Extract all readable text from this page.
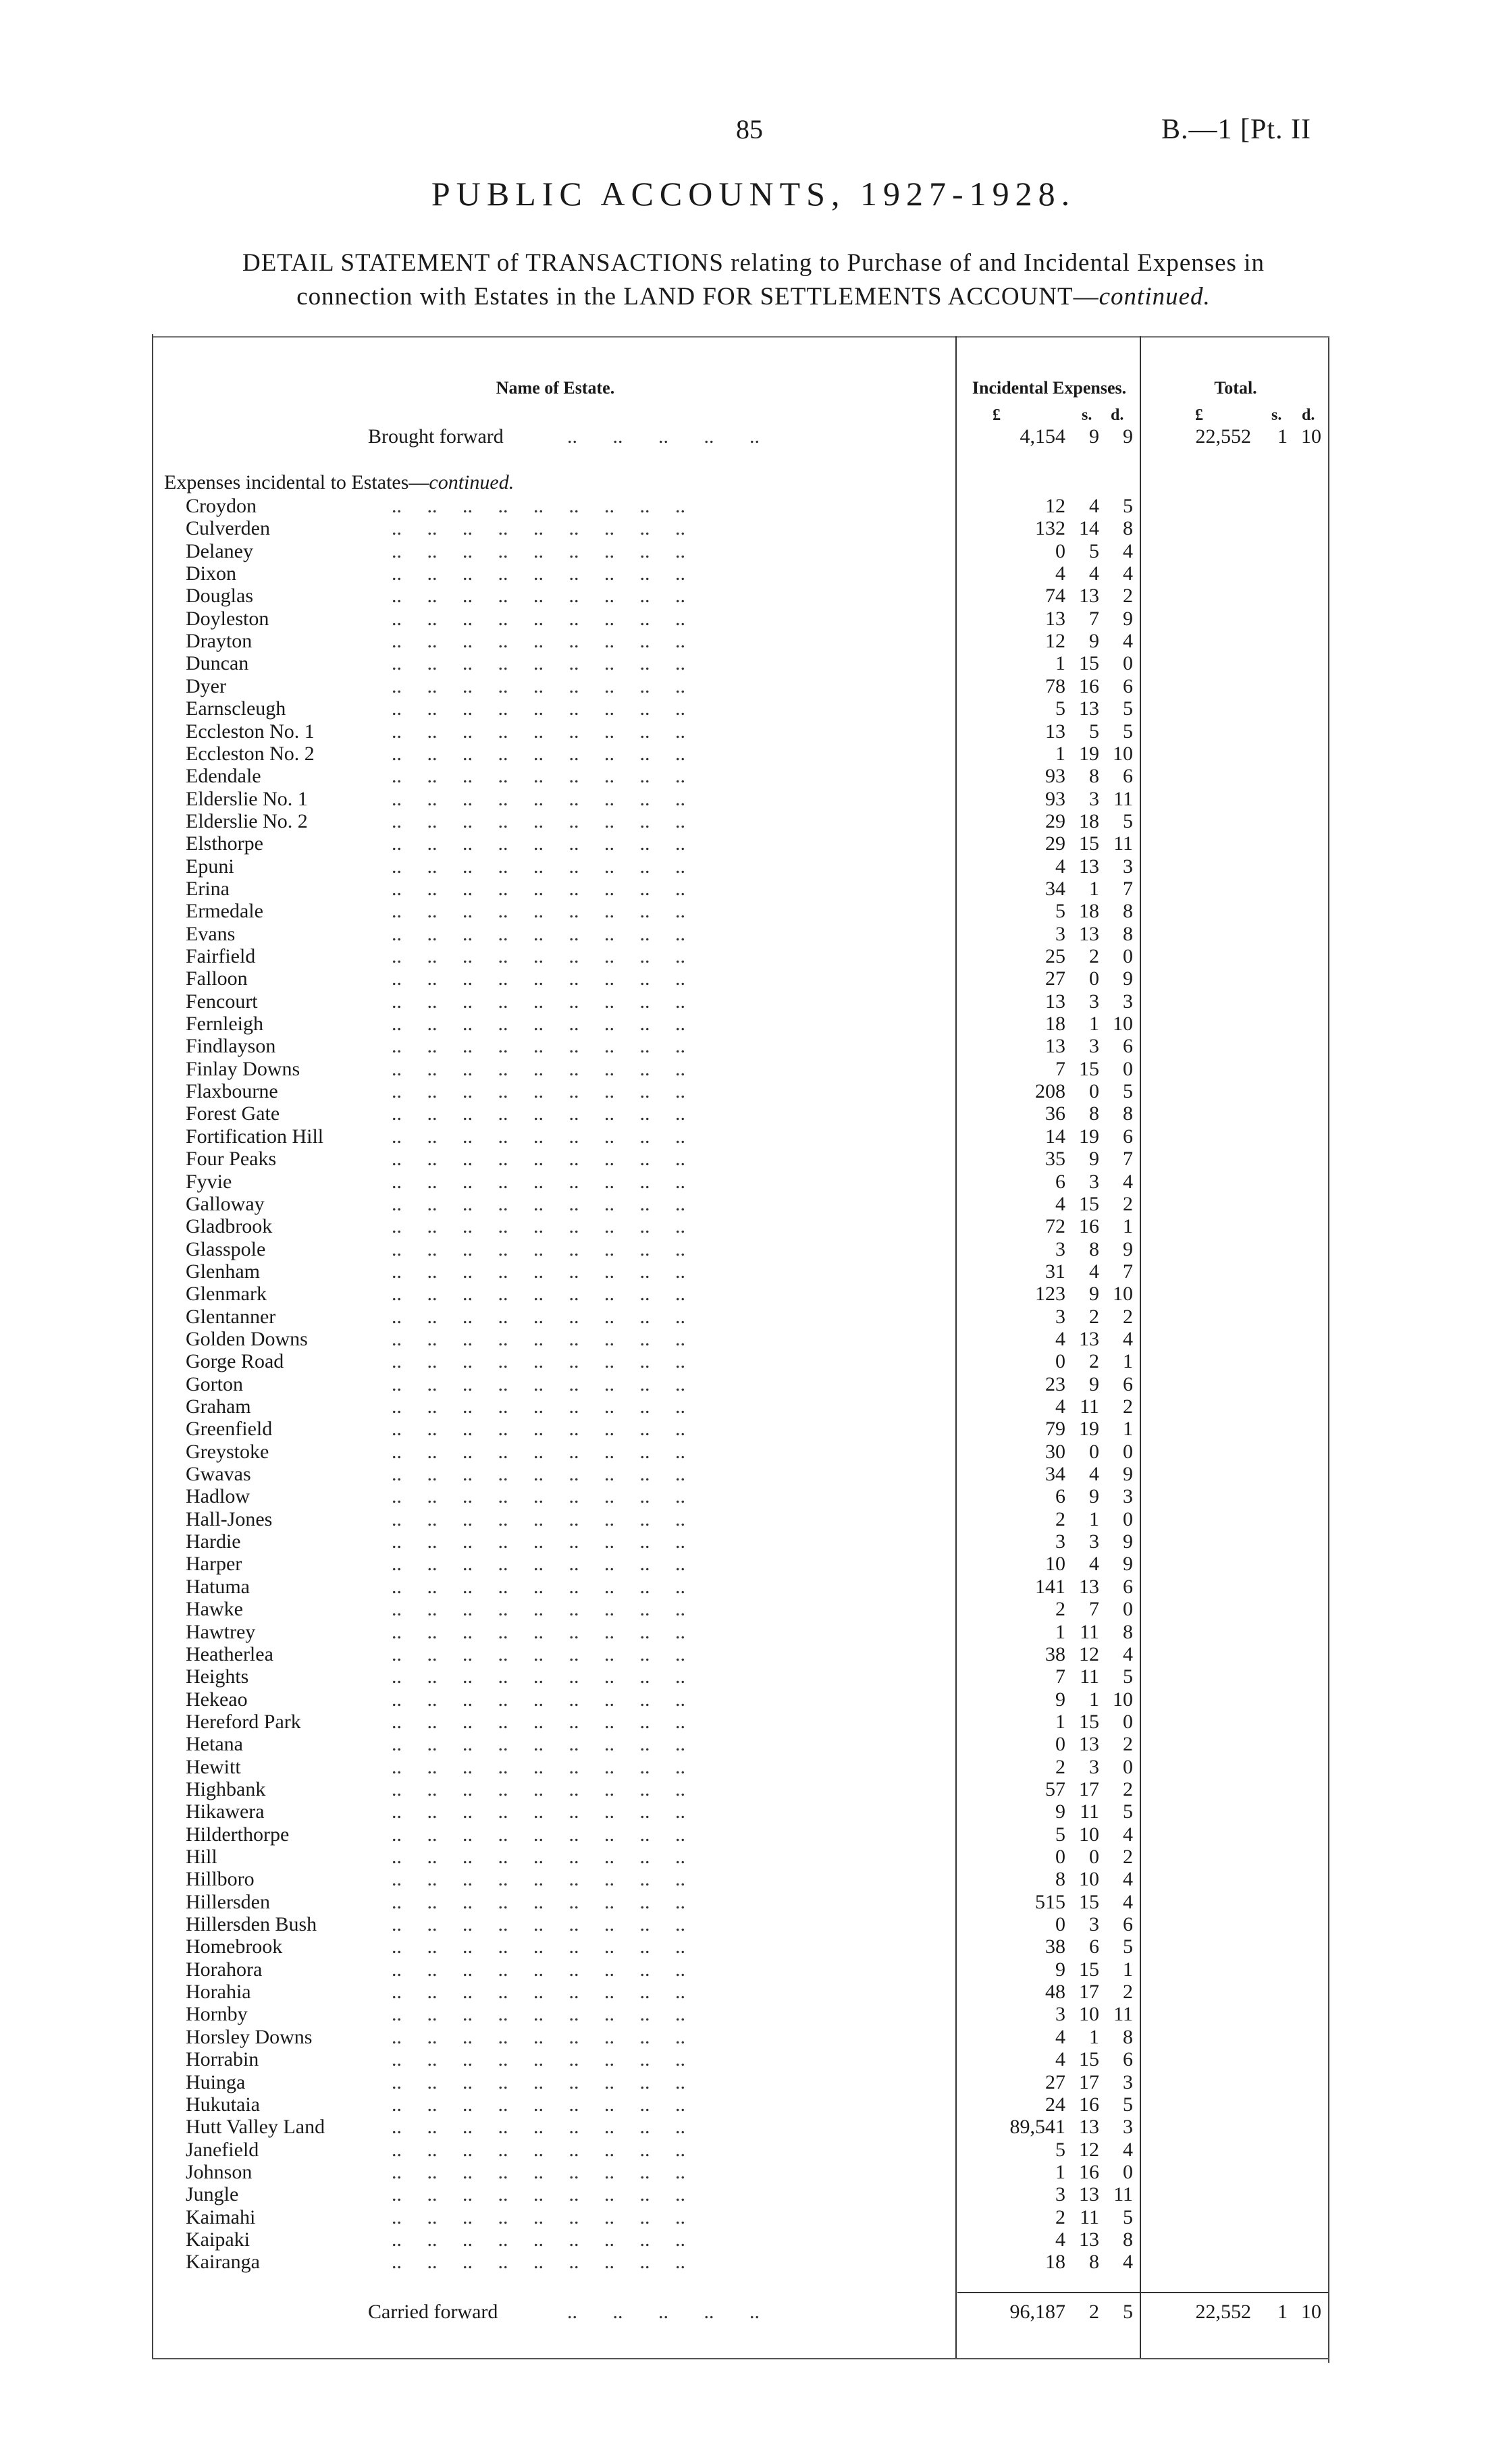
85	B.—1 [Pt. II
PUBLIC ACCOUNTS, 1927-1928.
DETAIL STATEMENT of TRANSACTIONS relating to Purchase of and Incidental Expenses in
connection with Estates in the LAND FOR SETTLEMENTS ACCOUNT—continued.
Name of Estate.	Incidental Expenses.	Total.
£	s. d.	£	s. d.
Brought forward	..       ..       ..       ..       ..	4,154	9	9	22,552	1 10
Expenses incidental to Estates—continued.
Croydon	..     ..     ..     ..     ..     ..     ..     ..     ..	12	4	5
Culverden	..     ..     ..     ..     ..     ..     ..     ..     ..	132 14	8
Delaney	..     ..     ..     ..     ..     ..     ..     ..     ..	0	5	4
Dixon	..     ..     ..     ..     ..     ..     ..     ..     ..	4	4	4
Douglas	..     ..     ..     ..     ..     ..     ..     ..     ..	74 13	2
Doyleston	..     ..     ..     ..     ..     ..     ..     ..     ..	13	7	9
Drayton	..     ..     ..     ..     ..     ..     ..     ..     ..	12	9	4
Duncan	..     ..     ..     ..     ..     ..     ..     ..     ..	1 15	0
Dyer	..     ..     ..     ..     ..     ..     ..     ..     ..	78 16	6
Earnscleugh	..     ..     ..     ..     ..     ..     ..     ..     ..	5 13	5
Eccleston No. 1	..     ..     ..     ..     ..     ..     ..     ..     ..	13	5	5
Eccleston No. 2	..     ..     ..     ..     ..     ..     ..     ..     ..	1 19 10
Edendale	..     ..     ..     ..     ..     ..     ..     ..     ..	93	8	6
Elderslie No. 1	..     ..     ..     ..     ..     ..     ..     ..     ..	93	3 11
Elderslie No. 2	..     ..     ..     ..     ..     ..     ..     ..     ..	29 18	5
Elsthorpe	..     ..     ..     ..     ..     ..     ..     ..     ..	29 15 11
Epuni	..     ..     ..     ..     ..     ..     ..     ..     ..	4 13	3
Erina	..     ..     ..     ..     ..     ..     ..     ..     ..	34	1	7
Ermedale	..     ..     ..     ..     ..     ..     ..     ..     ..	5 18	8
Evans	..     ..     ..     ..     ..     ..     ..     ..     ..	3 13	8
Fairfield	..     ..     ..     ..     ..     ..     ..     ..     ..	25	2	0
Falloon	..     ..     ..     ..     ..     ..     ..     ..     ..	27	0	9
Fencourt	..     ..     ..     ..     ..     ..     ..     ..     ..	13	3	3
Fernleigh	..     ..     ..     ..     ..     ..     ..     ..     ..	18	1 10
Findlayson	..     ..     ..     ..     ..     ..     ..     ..     ..	13	3	6
Finlay Downs	..     ..     ..     ..     ..     ..     ..     ..     ..	7 15	0
Flaxbourne	..     ..     ..     ..     ..     ..     ..     ..     ..	208	0	5
Forest Gate	..     ..     ..     ..     ..     ..     ..     ..     ..	36	8	8
Fortification Hill	..     ..     ..     ..     ..     ..     ..     ..     ..	14 19	6
Four Peaks	..     ..     ..     ..     ..     ..     ..     ..     ..	35	9	7
Fyvie	..     ..     ..     ..     ..     ..     ..     ..     ..	6	3	4
Galloway	..     ..     ..     ..     ..     ..     ..     ..     ..	4 15	2
Gladbrook	..     ..     ..     ..     ..     ..     ..     ..     ..	72 16	1
Glasspole	..     ..     ..     ..     ..     ..     ..     ..     ..	3	8	9
Glenham	..     ..     ..     ..     ..     ..     ..     ..     ..	31	4	7
Glenmark	..     ..     ..     ..     ..     ..     ..     ..     ..	123	9 10
Glentanner	..     ..     ..     ..     ..     ..     ..     ..     ..	3	2	2
Golden Downs	..     ..     ..     ..     ..     ..     ..     ..     ..	4 13	4
Gorge Road	..     ..     ..     ..     ..     ..     ..     ..     ..	0	2	1
Gorton	..     ..     ..     ..     ..     ..     ..     ..     ..	23	9	6
Graham	..     ..     ..     ..     ..     ..     ..     ..     ..	4 11	2
Greenfield	..     ..     ..     ..     ..     ..     ..     ..     ..	79 19	1
Greystoke	..     ..     ..     ..     ..     ..     ..     ..     ..	30	0	0
Gwavas	..     ..     ..     ..     ..     ..     ..     ..     ..	34	4	9
Hadlow	..     ..     ..     ..     ..     ..     ..     ..     ..	6	9	3
Hall-Jones	..     ..     ..     ..     ..     ..     ..     ..     ..	2	1	0
Hardie	..     ..     ..     ..     ..     ..     ..     ..     ..	3	3	9
Harper	..     ..     ..     ..     ..     ..     ..     ..     ..	10	4	9
Hatuma	..     ..     ..     ..     ..     ..     ..     ..     ..	141 13	6
Hawke	..     ..     ..     ..     ..     ..     ..     ..     ..	2	7	0
Hawtrey	..     ..     ..     ..     ..     ..     ..     ..     ..	1 11	8
Heatherlea	..     ..     ..     ..     ..     ..     ..     ..     ..	38 12	4
Heights	..     ..     ..     ..     ..     ..     ..     ..     ..	7 11	5
Hekeao	..     ..     ..     ..     ..     ..     ..     ..     ..	9	1 10
Hereford Park	..     ..     ..     ..     ..     ..     ..     ..     ..	1 15	0
Hetana	..     ..     ..     ..     ..     ..     ..     ..     ..	0 13	2
Hewitt	..     ..     ..     ..     ..     ..     ..     ..     ..	2	3	0
Highbank	..     ..     ..     ..     ..     ..     ..     ..     ..	57 17	2
Hikawera	..     ..     ..     ..     ..     ..     ..     ..     ..	9 11	5
Hilderthorpe	..     ..     ..     ..     ..     ..     ..     ..     ..	5 10	4
Hill	..     ..     ..     ..     ..     ..     ..     ..     ..	0	0	2
Hillboro	..     ..     ..     ..     ..     ..     ..     ..     ..	8 10	4
Hillersden	..     ..     ..     ..     ..     ..     ..     ..     ..	515 15	4
Hillersden Bush	..     ..     ..     ..     ..     ..     ..     ..     ..	0	3	6
Homebrook	..     ..     ..     ..     ..     ..     ..     ..     ..	38	6	5
Horahora	..     ..     ..     ..     ..     ..     ..     ..     ..	9 15	1
Horahia	..     ..     ..     ..     ..     ..     ..     ..     ..	48 17	2
Hornby	..     ..     ..     ..     ..     ..     ..     ..     ..	3 10 11
Horsley Downs	..     ..     ..     ..     ..     ..     ..     ..     ..	4	1	8
Horrabin	..     ..     ..     ..     ..     ..     ..     ..     ..	4 15	6
Huinga	..     ..     ..     ..     ..     ..     ..     ..     ..	27 17	3
Hukutaia	..     ..     ..     ..     ..     ..     ..     ..     ..	24 16	5
Hutt Valley Land	..     ..     ..     ..     ..     ..     ..     ..     ..	89,541 13	3
Janefield	..     ..     ..     ..     ..     ..     ..     ..     ..	5 12	4
Johnson	..     ..     ..     ..     ..     ..     ..     ..     ..	1 16	0
Jungle	..     ..     ..     ..     ..     ..     ..     ..     ..	3 13 11
Kaimahi	..     ..     ..     ..     ..     ..     ..     ..     ..	2 11	5
Kaipaki	..     ..     ..     ..     ..     ..     ..     ..     ..	4 13	8
Kairanga	..     ..     ..     ..     ..     ..     ..     ..     ..	18	8	4
Carried forward	..       ..       ..       ..       ..	96,187	2	5	22,552	1 10
